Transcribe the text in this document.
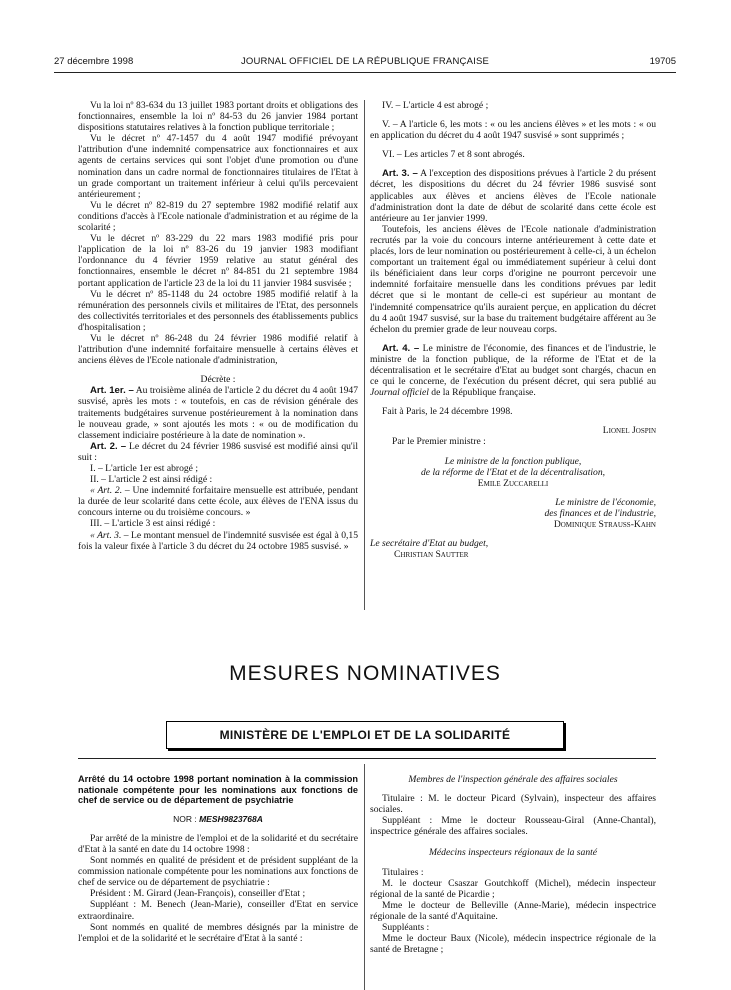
27 décembre 1998	JOURNAL OFFICIEL DE LA RÉPUBLIQUE FRANÇAISE	19705

Vu la loi nº 83-634 du 13 juillet 1983 portant droits et obligations des fonctionnaires, ensemble la loi nº 84-53 du 26 janvier 1984 portant dispositions statutaires relatives à la fonction publique territoriale ;

Vu le décret nº 47-1457 du 4 août 1947 modifié prévoyant l'attribution d'une indemnité compensatrice aux fonctionnaires et aux agents de certains services qui sont l'objet d'une promotion ou d'une nomination dans un cadre normal de fonctionnaires titulaires de l'Etat à un grade comportant un traitement inférieur à celui qu'ils percevaient antérieurement ;

Vu le décret nº 82-819 du 27 septembre 1982 modifié relatif aux conditions d'accès à l'Ecole nationale d'administration et au régime de la scolarité ;

Vu le décret nº 83-229 du 22 mars 1983 modifié pris pour l'application de la loi nº 83-26 du 19 janvier 1983 modifiant l'ordonnance du 4 février 1959 relative au statut général des fonctionnaires, ensemble le décret nº 84-851 du 21 septembre 1984 portant application de l'article 23 de la loi du 11 janvier 1984 susvisée ;

Vu le décret nº 85-1148 du 24 octobre 1985 modifié relatif à la rémunération des personnels civils et militaires de l'Etat, des personnels des collectivités territoriales et des personnels des établissements publics d'hospitalisation ;

Vu le décret nº 86-248 du 24 février 1986 modifié relatif à l'attribution d'une indemnité forfaitaire mensuelle à certains élèves et anciens élèves de l'Ecole nationale d'administration,

Décrète :

Art. 1er. – Au troisième alinéa de l'article 2 du décret du 4 août 1947 susvisé, après les mots : « toutefois, en cas de révision générale des traitements budgétaires survenue postérieurement à la nomination dans le nouveau grade, » sont ajoutés les mots : « ou de modification du classement indiciaire postérieure à la date de nomination ».

Art. 2. – Le décret du 24 février 1986 susvisé est modifié ainsi qu'il suit :

I. – L'article 1er est abrogé ;

II. – L'article 2 est ainsi rédigé :

« Art. 2. – Une indemnité forfaitaire mensuelle est attribuée, pendant la durée de leur scolarité dans cette école, aux élèves de l'ENA issus du concours interne ou du troisième concours. »

III. – L'article 3 est ainsi rédigé :

« Art. 3. – Le montant mensuel de l'indemnité susvisée est égal à 0,15 fois la valeur fixée à l'article 3 du décret du 24 octobre 1985 susvisé. »

IV. – L'article 4 est abrogé ;

V. – A l'article 6, les mots : « ou les anciens élèves » et les mots : « ou en application du décret du 4 août 1947 susvisé » sont supprimés ;

VI. – Les articles 7 et 8 sont abrogés.

Art. 3. – A l'exception des dispositions prévues à l'article 2 du présent décret, les dispositions du décret du 24 février 1986 susvisé sont applicables aux élèves et anciens élèves de l'Ecole nationale d'administration dont la date de début de scolarité dans cette école est antérieure au 1er janvier 1999.

Toutefois, les anciens élèves de l'Ecole nationale d'administration recrutés par la voie du concours interne antérieurement à cette date et placés, lors de leur nomination ou postérieurement à celle-ci, à un échelon comportant un traitement égal ou immédiatement supérieur à celui dont ils bénéficiaient dans leur corps d'origine ne pourront percevoir une indemnité forfaitaire mensuelle dans les conditions prévues par ledit décret que si le montant de celle-ci est supérieur au montant de l'indemnité compensatrice qu'ils auraient perçue, en application du décret du 4 août 1947 susvisé, sur la base du traitement budgétaire afférent au 3e échelon du premier grade de leur nouveau corps.

Art. 4. – Le ministre de l'économie, des finances et de l'industrie, le ministre de la fonction publique, de la réforme de l'Etat et de la décentralisation et le secrétaire d'Etat au budget sont chargés, chacun en ce qui le concerne, de l'exécution du présent décret, qui sera publié au Journal officiel de la République française.

Fait à Paris, le 24 décembre 1998.

Lionel Jospin

Par le Premier ministre :

Le ministre de la fonction publique,

de la réforme de l'Etat et de la décentralisation,

Emile Zuccarelli

Le ministre de l'économie,

des finances et de l'industrie,

Dominique Strauss-Kahn

Le secrétaire d'Etat au budget,

Christian Sautter

MESURES NOMINATIVES
MINISTÈRE DE L'EMPLOI ET DE LA SOLIDARITÉ

Arrêté du 14 octobre 1998 portant nomination à la commission nationale compétente pour les nominations aux fonctions de chef de service ou de département de psychiatrie

NOR : MESH9823768A

Par arrêté de la ministre de l'emploi et de la solidarité et du secrétaire d'Etat à la santé en date du 14 octobre 1998 :

Sont nommés en qualité de président et de président suppléant de la commission nationale compétente pour les nominations aux fonctions de chef de service ou de département de psychiatrie :

Président : M. Girard (Jean-François), conseiller d'Etat ;

Suppléant : M. Benech (Jean-Marie), conseiller d'Etat en service extraordinaire.

Sont nommés en qualité de membres désignés par la ministre de l'emploi et de la solidarité et le secrétaire d'Etat à la santé :

Membres de l'inspection générale des affaires sociales

Titulaire : M. le docteur Picard (Sylvain), inspecteur des affaires sociales.

Suppléant : Mme le docteur Rousseau-Giral (Anne-Chantal), inspectrice générale des affaires sociales.

Médecins inspecteurs régionaux de la santé

Titulaires :

M. le docteur Csaszar Goutchkoff (Michel), médecin inspecteur régional de la santé de Picardie ;

Mme le docteur de Belleville (Anne-Marie), médecin inspectrice régionale de la santé d'Aquitaine.

Suppléants :

Mme le docteur Baux (Nicole), médecin inspectrice régionale de la santé de Bretagne ;
